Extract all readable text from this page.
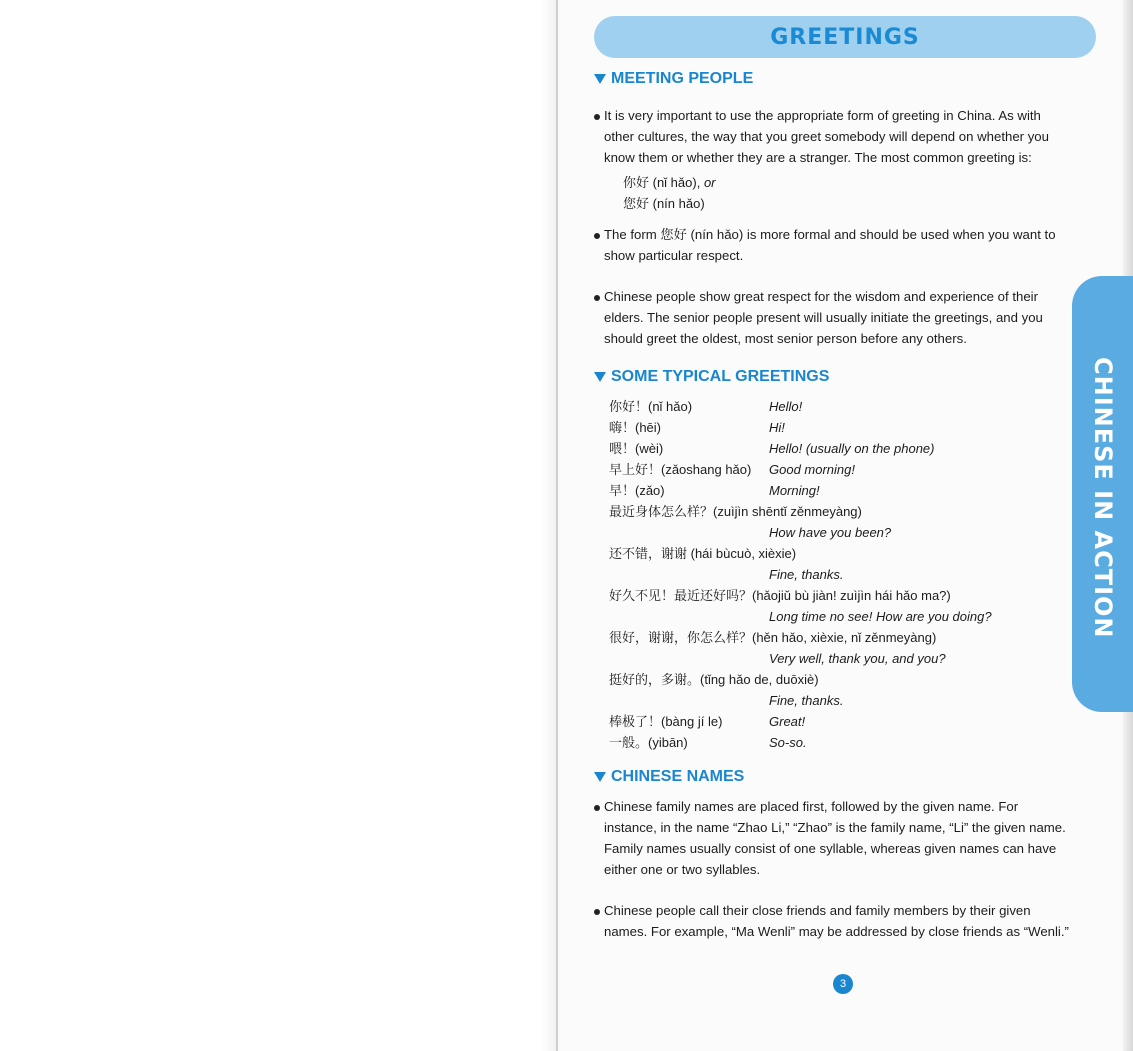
GREETINGS
MEETING PEOPLE

It is very important to use the appropriate form of greeting in China. As with other cultures, the way that you greet somebody will depend on whether you know them or whether they are a stranger. The most common greeting is:

你好 (nǐ hǎo), or
您好 (nín hǎo)

The form 您好 (nín hǎo) is more formal and should be used when you want to show particular respect.

Chinese people show great respect for the wisdom and experience of their elders. The senior people present will usually initiate the greetings, and you should greet the oldest, most senior person before any others.

SOME TYPICAL GREETINGS
你好！(nǐ hǎo)	Hello!
嗨！(hēi)	Hi!
喂！(wèi)	Hello! (usually on the phone)
早上好！(zǎoshang hǎo) Good morning!
早！(zǎo)	Morning!
最近身体怎么样？(zuìjìn shēntǐ zěnmeyàng)
How have you been?
还不错，谢谢 (hái bùcuò, xièxie)
Fine, thanks.
好久不见！最近还好吗？(hǎojiǔ bù jiàn! zuìjìn hái hǎo ma?)
Long time no see! How are you doing?
很好，谢谢，你怎么样？(hěn hǎo, xièxie, nǐ zěnmeyàng)
Very well, thank you, and you?
挺好的，多谢。(tǐng hǎo de, duōxiè)
Fine, thanks.
棒极了！(bàng jí le)	Great!
一般。(yibān)	So-so.
CHINESE NAMES

Chinese family names are placed first, followed by the given name. For instance, in the name “Zhao Li,” “Zhao” is the family name, “Li” the given name. Family names usually consist of one syllable, whereas given names can have either one or two syllables.

Chinese people call their close friends and family members by their given names. For example, “Ma Wenli” may be addressed by close friends as “Wenli.”

CHINESE IN ACTION
3
